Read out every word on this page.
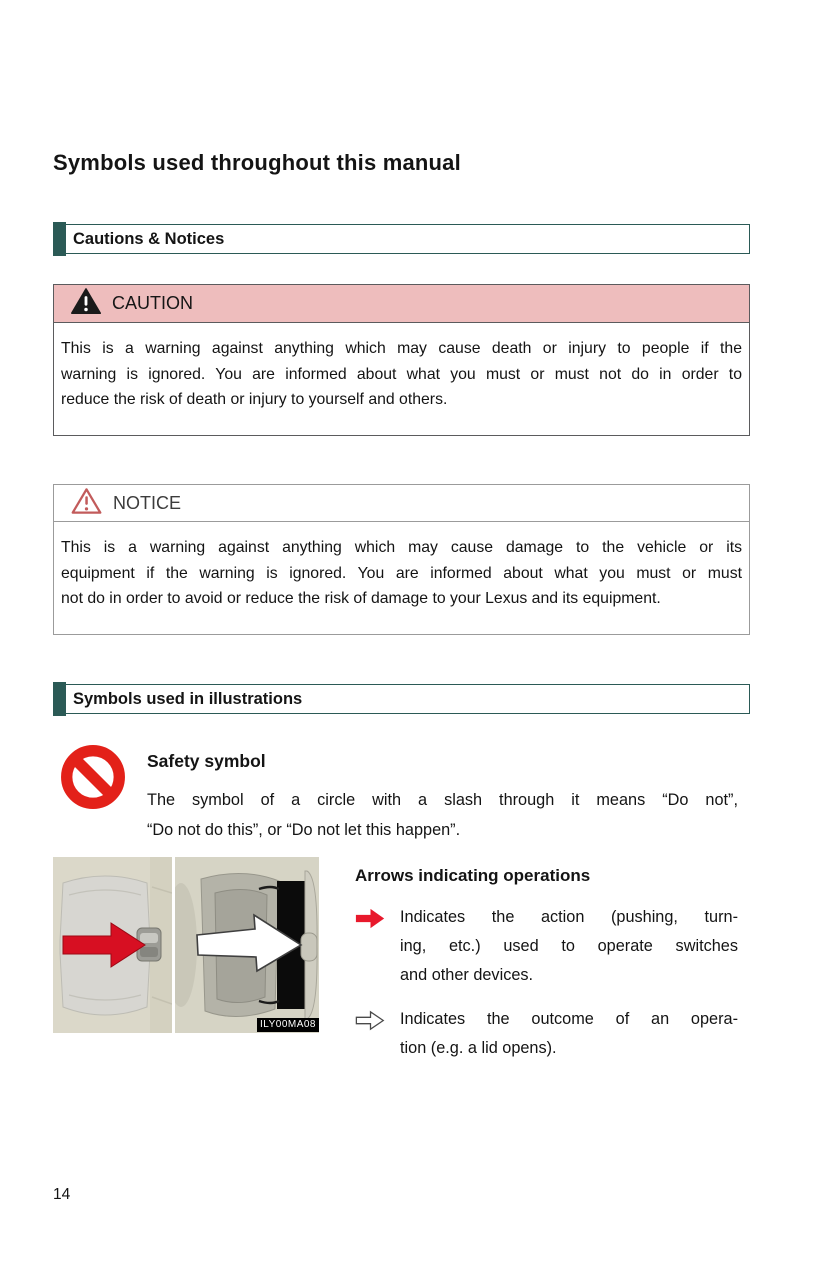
Symbols used throughout this manual
Cautions & Notices
CAUTION
This is a warning against anything which may cause death or injury to people if the
warning is ignored. You are informed about what you must or must not do in order to
reduce the risk of death or injury to yourself and others.
NOTICE
This is a warning against anything which may cause damage to the vehicle or its
equipment if the warning is ignored. You are informed about what you must or must
not do in order to avoid or reduce the risk of damage to your Lexus and its equipment.
Symbols used in illustrations
Safety symbol
The symbol of a circle with a slash through it means “Do not”,
“Do not do this”, or “Do not let this happen”.
ILY00MA08
Arrows indicating operations
Indicates the action (pushing, turn-
ing, etc.) used to operate switches
and other devices.
Indicates the outcome of an opera-
tion (e.g. a lid opens).
14
